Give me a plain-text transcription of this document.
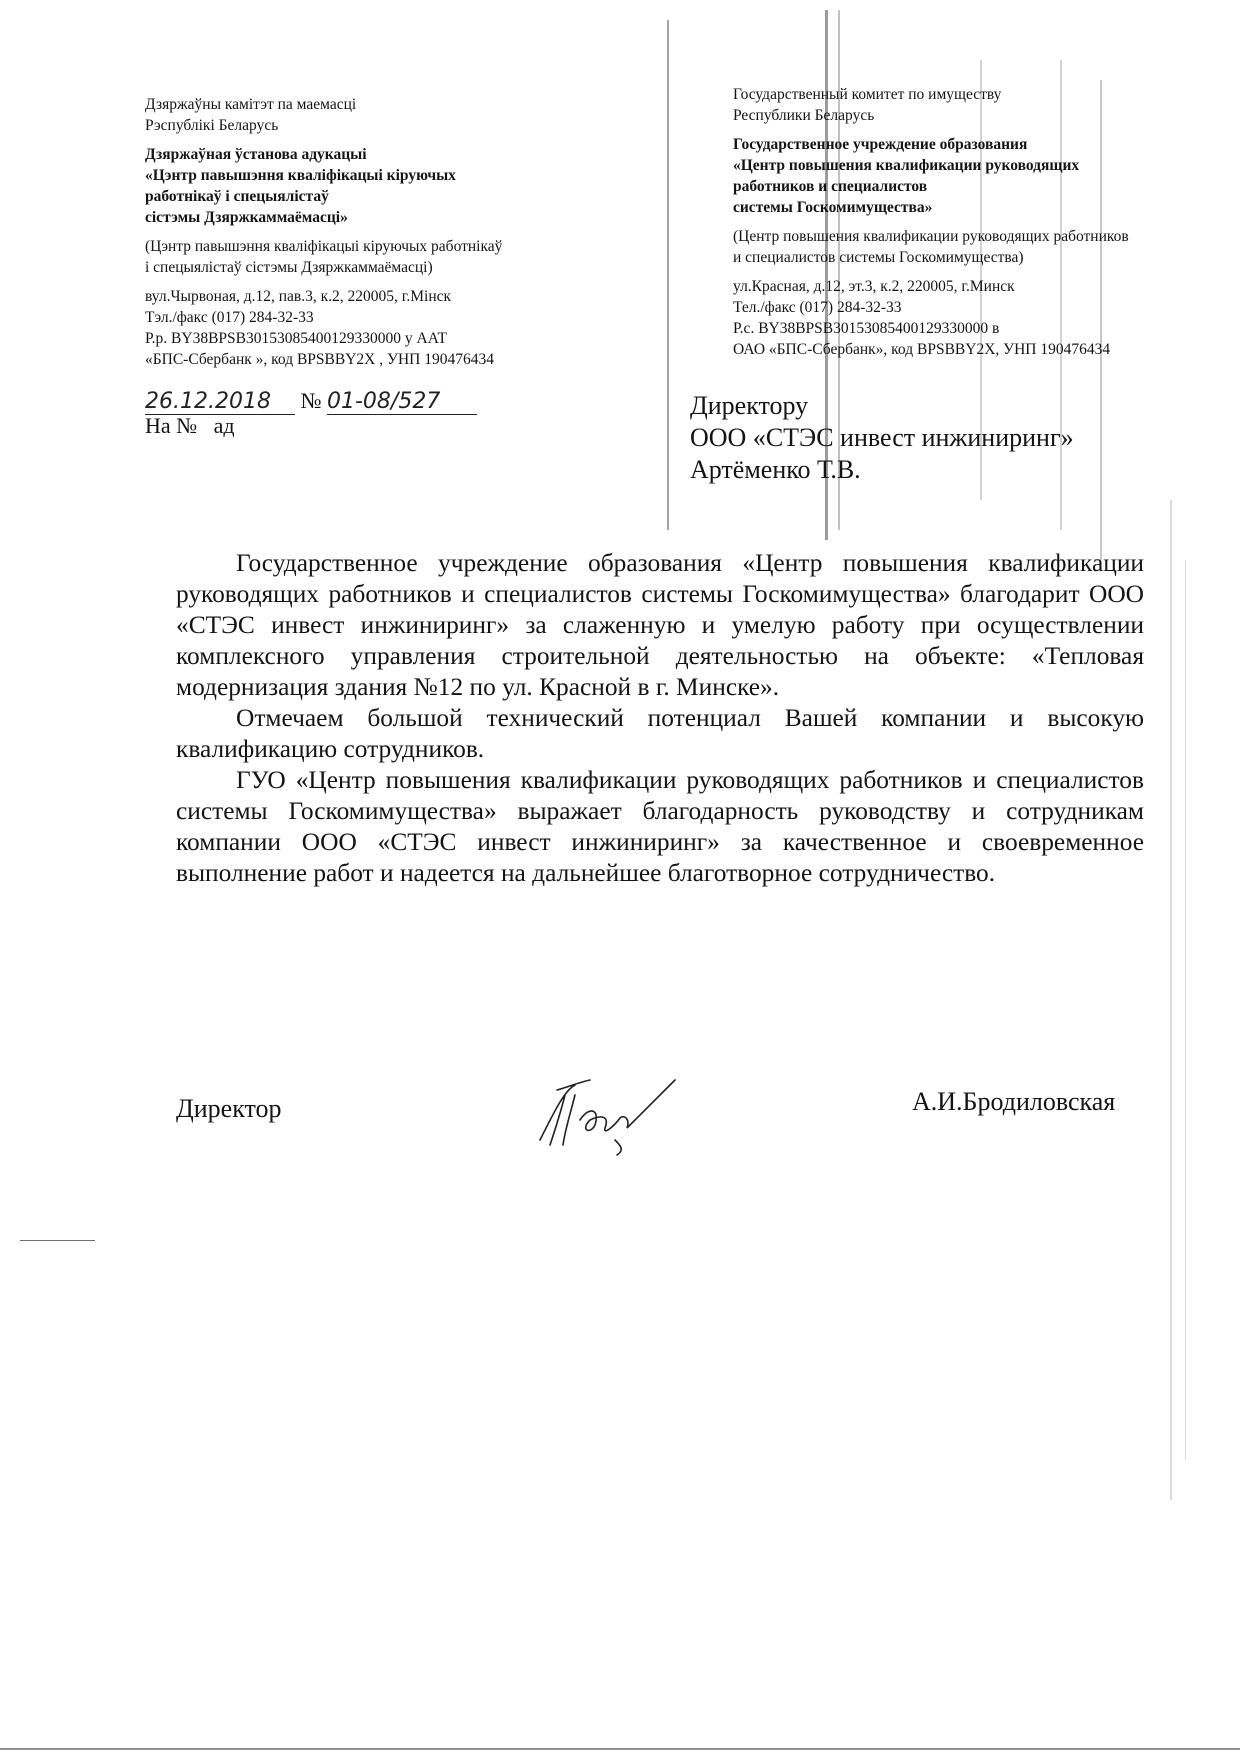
Дзяржаўны камітэт па маемасці
Рэспублікі Беларусь
Дзяржаўная ўстанова адукацыі
«Цэнтр павышэння кваліфікацыі кіруючых
работнікаў і спецыялістаў
сістэмы Дзяржкаммаёмасці»
(Цэнтр павышэння кваліфікацыі кіруючых работнікаў
і спецыялістаў сістэмы Дзяржкаммаёмасці)
вул.Чырвоная, д.12, пав.3, к.2, 220005, г.Мінск
Тэл./факс (017) 284-32-33
Р.р. BY38BPSB30153085400129330000 у ААТ
«БПС-Сбербанк », код BPSBBY2X , УНП 190476434
Государственный комитет по имуществу
Республики Беларусь
Государственное учреждение образования
«Центр повышения квалификации руководящих
работников и специалистов
системы Госкомимущества»
(Центр повышения квалификации руководящих работников
и специалистов системы Госкомимущества)
ул.Красная, д.12, эт.3, к.2, 220005, г.Минск
Тел./факс (017) 284-32-33
Р.с. BY38BPSB30153085400129330000 в
ОАО «БПС-Сбербанк», код BPSBBY2X, УНП 190476434
26.12.2018 № 01-08/527
На № ад
Директору
ООО «СТЭС инвест инжиниринг»
Артёменко Т.В.

Государственное учреждение образования «Центр повышения квалификации руководящих работников и специалистов системы Госкомимущества» благодарит ООО «СТЭС инвест инжиниринг» за слаженную и умелую работу при осуществлении комплексного управления строительной деятельностью на объекте: «Тепловая модернизация здания №12 по ул. Красной в г. Минске».

Отмечаем большой технический потенциал Вашей компании и высокую квалификацию сотрудников.

ГУО «Центр повышения квалификации руководящих работников и специалистов системы Госкомимущества» выражает благодарность руководству и сотрудникам компании ООО «СТЭС инвест инжиниринг» за качественное и своевременное выполнение работ и надеется на дальнейшее благотворное сотрудничество.

Директор	А.И.Бродиловская
